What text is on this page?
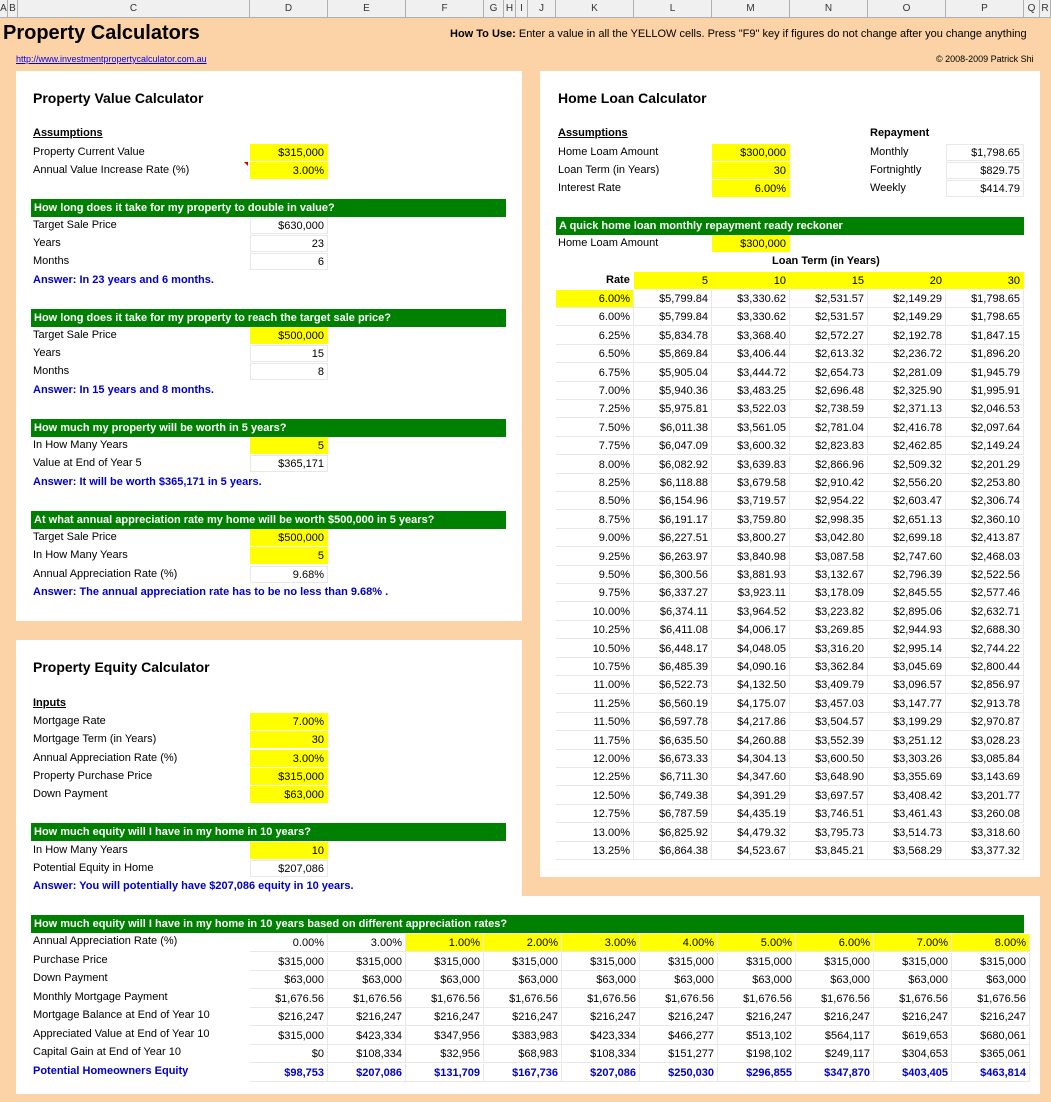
A B	C	D	E	F	G H I	J	K	L	M	N	O	P	Q R
Property Calculators	How To Use: Enter a value in all the YELLOW cells. Press "F9" key if figures do not change after you change anything
http://www.investmentpropertycalculator.com.au	© 2008-2009 Patrick Shi
Property Value Calculator
Assumptions
Property Current Value	$315,000
Annual Value Increase Rate (%)	3.00%
How long does it take for my property to double in value?
Target Sale Price	$630,000
Years	23
Months	6
Answer: In 23 years and 6 months.
How long does it take for my property to reach the target sale price?
Target Sale Price	$500,000
Years	15
Months	8
Answer: In 15 years and 8 months.
How much my property will be worth in 5 years?
In How Many Years	5
Value at End of Year 5	$365,171
Answer: It will be worth $365,171 in 5 years.
At what annual appreciation rate my home will be worth $500,000 in 5 years?
Target Sale Price	$500,000
In How Many Years	5
Annual Appreciation Rate (%)	9.68%
Answer: The annual appreciation rate has to be no less than 9.68% .
Property Equity Calculator
Inputs
Mortgage Rate	7.00%
Mortgage Term (in Years)	30
Annual Appreciation Rate (%)	3.00%
Property Purchase Price	$315,000
Down Payment	$63,000
How much equity will I have in my home in 10 years?
In How Many Years	10
Potential Equity in Home	$207,086
Answer: You will potentially have $207,086 equity in 10 years.
Home Loan Calculator
Assumptions
Home Loam Amount	$300,000
Loan Term (in Years)	30
Interest Rate	6.00%
Repayment
Monthly	$1,798.65
Fortnightly	$829.75
Weekly	$414.79
A quick home loan monthly repayment ready reckoner
Home Loam Amount	$300,000
Loan Term (in Years)
Rate	5	10	15	20	30
6.00%	$5,799.84	$3,330.62	$2,531.57	$2,149.29	$1,798.65
6.00%	$5,799.84	$3,330.62	$2,531.57	$2,149.29	$1,798.65
6.25%	$5,834.78	$3,368.40	$2,572.27	$2,192.78	$1,847.15
6.50%	$5,869.84	$3,406.44	$2,613.32	$2,236.72	$1,896.20
6.75%	$5,905.04	$3,444.72	$2,654.73	$2,281.09	$1,945.79
7.00%	$5,940.36	$3,483.25	$2,696.48	$2,325.90	$1,995.91
7.25%	$5,975.81	$3,522.03	$2,738.59	$2,371.13	$2,046.53
7.50%	$6,011.38	$3,561.05	$2,781.04	$2,416.78	$2,097.64
7.75%	$6,047.09	$3,600.32	$2,823.83	$2,462.85	$2,149.24
8.00%	$6,082.92	$3,639.83	$2,866.96	$2,509.32	$2,201.29
8.25%	$6,118.88	$3,679.58	$2,910.42	$2,556.20	$2,253.80
8.50%	$6,154.96	$3,719.57	$2,954.22	$2,603.47	$2,306.74
8.75%	$6,191.17	$3,759.80	$2,998.35	$2,651.13	$2,360.10
9.00%	$6,227.51	$3,800.27	$3,042.80	$2,699.18	$2,413.87
9.25%	$6,263.97	$3,840.98	$3,087.58	$2,747.60	$2,468.03
9.50%	$6,300.56	$3,881.93	$3,132.67	$2,796.39	$2,522.56
9.75%	$6,337.27	$3,923.11	$3,178.09	$2,845.55	$2,577.46
10.00%	$6,374.11	$3,964.52	$3,223.82	$2,895.06	$2,632.71
10.25%	$6,411.08	$4,006.17	$3,269.85	$2,944.93	$2,688.30
10.50%	$6,448.17	$4,048.05	$3,316.20	$2,995.14	$2,744.22
10.75%	$6,485.39	$4,090.16	$3,362.84	$3,045.69	$2,800.44
11.00%	$6,522.73	$4,132.50	$3,409.79	$3,096.57	$2,856.97
11.25%	$6,560.19	$4,175.07	$3,457.03	$3,147.77	$2,913.78
11.50%	$6,597.78	$4,217.86	$3,504.57	$3,199.29	$2,970.87
11.75%	$6,635.50	$4,260.88	$3,552.39	$3,251.12	$3,028.23
12.00%	$6,673.33	$4,304.13	$3,600.50	$3,303.26	$3,085.84
12.25%	$6,711.30	$4,347.60	$3,648.90	$3,355.69	$3,143.69
12.50%	$6,749.38	$4,391.29	$3,697.57	$3,408.42	$3,201.77
12.75%	$6,787.59	$4,435.19	$3,746.51	$3,461.43	$3,260.08
13.00%	$6,825.92	$4,479.32	$3,795.73	$3,514.73	$3,318.60
13.25%	$6,864.38	$4,523.67	$3,845.21	$3,568.29	$3,377.32
How much equity will I have in my home in 10 years based on different appreciation rates?
Annual Appreciation Rate (%)	0.00%	3.00%	1.00%	2.00%	3.00%	4.00%	5.00%	6.00%	7.00%	8.00%
Purchase Price	$315,000	$315,000	$315,000	$315,000	$315,000	$315,000	$315,000	$315,000	$315,000	$315,000
Down Payment	$63,000	$63,000	$63,000	$63,000	$63,000	$63,000	$63,000	$63,000	$63,000	$63,000
Monthly Mortgage Payment	$1,676.56	$1,676.56	$1,676.56	$1,676.56	$1,676.56	$1,676.56	$1,676.56	$1,676.56	$1,676.56	$1,676.56
Mortgage Balance at End of Year 10	$216,247	$216,247	$216,247	$216,247	$216,247	$216,247	$216,247	$216,247	$216,247	$216,247
Appreciated Value at End of Year 10	$315,000	$423,334	$347,956	$383,983	$423,334	$466,277	$513,102	$564,117	$619,653	$680,061
Capital Gain at End of Year 10	$0	$108,334	$32,956	$68,983	$108,334	$151,277	$198,102	$249,117	$304,653	$365,061
Potential Homeowners Equity	$98,753	$207,086	$131,709	$167,736	$207,086	$250,030	$296,855	$347,870	$403,405	$463,814
